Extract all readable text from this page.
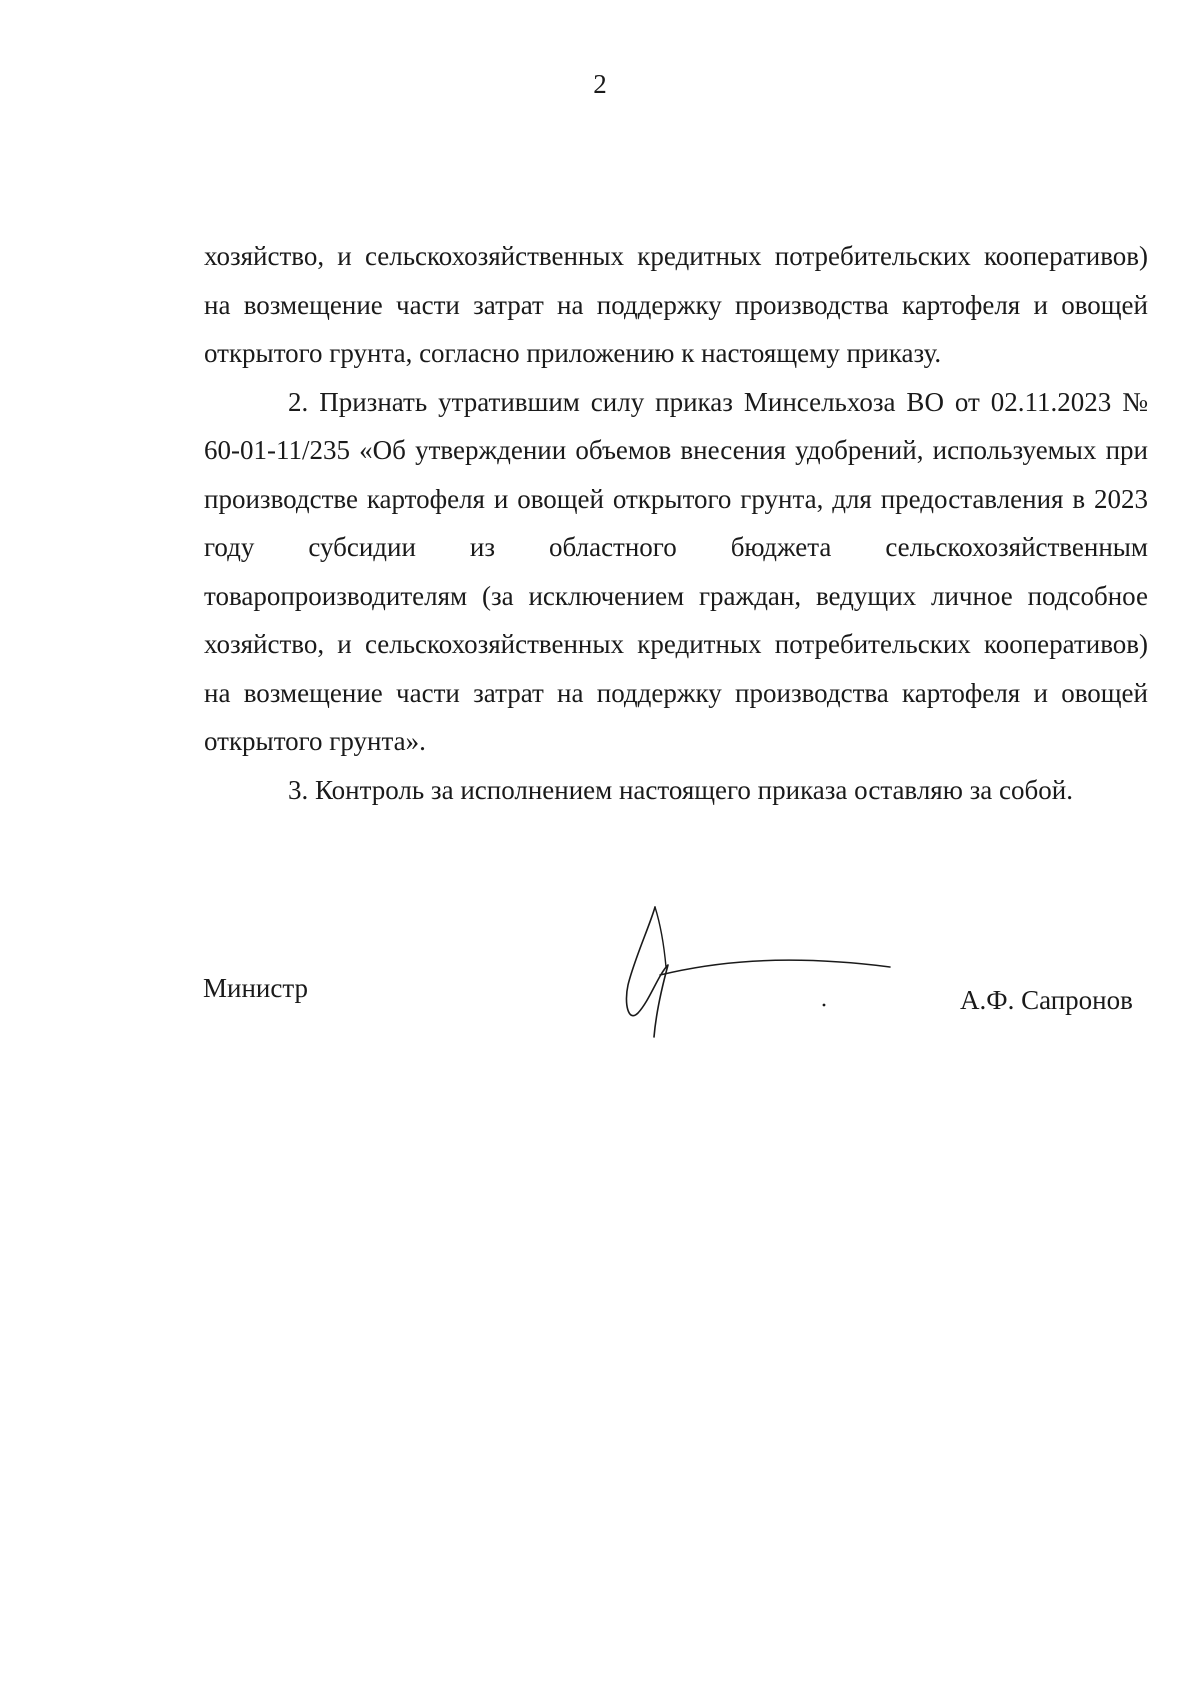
2

хозяйство, и сельскохозяйственных кредитных потребительских кооперативов) на возмещение части затрат на поддержку производства картофеля и овощей открытого грунта, согласно приложению к настоящему приказу.

2. Признать утратившим силу приказ Минсельхоза ВО от 02.11.2023 № 60-01-11/235 «Об утверждении объемов внесения удобрений, используемых при производстве картофеля и овощей открытого грунта, для предоставления в 2023 году субсидии из областного бюджета сельскохозяйственным товаропроизводителям (за исключением граждан, ведущих личное подсобное хозяйство, и сельскохозяйственных кредитных потребительских кооперативов) на возмещение части затрат на поддержку производства картофеля и овощей открытого грунта».

3. Контроль за исполнением настоящего приказа оставляю за собой.

Министр	А.Ф. Сапронов
